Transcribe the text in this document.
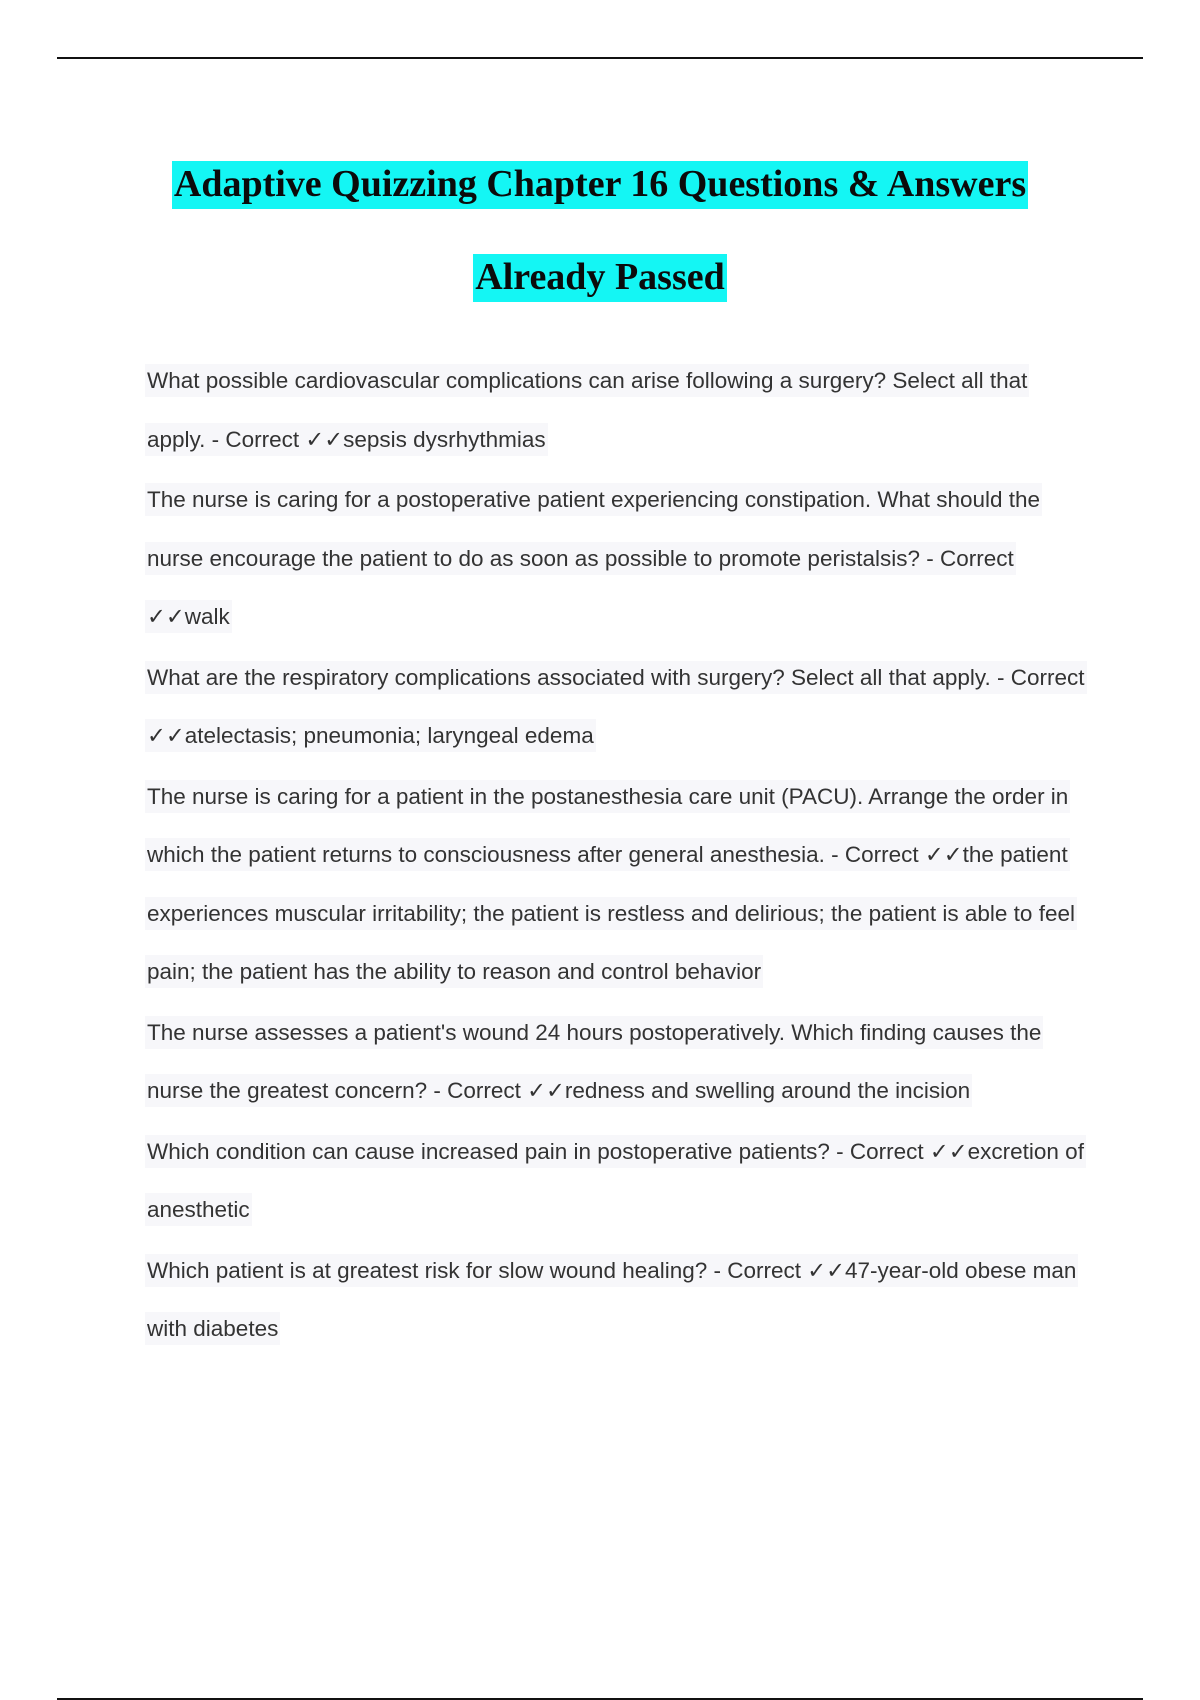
Adaptive Quizzing Chapter 16 Questions & Answers
Already Passed
What possible cardiovascular complications can arise following a surgery? Select all that apply. - Correct ✓✓sepsis dysrhythmias
The nurse is caring for a postoperative patient experiencing constipation. What should the nurse encourage the patient to do as soon as possible to promote peristalsis? - Correct ✓✓walk
What are the respiratory complications associated with surgery? Select all that apply. - Correct ✓✓atelectasis; pneumonia; laryngeal edema
The nurse is caring for a patient in the postanesthesia care unit (PACU). Arrange the order in which the patient returns to consciousness after general anesthesia. - Correct ✓✓the patient experiences muscular irritability; the patient is restless and delirious; the patient is able to feel pain; the patient has the ability to reason and control behavior
The nurse assesses a patient's wound 24 hours postoperatively. Which finding causes the nurse the greatest concern? - Correct ✓✓redness and swelling around the incision
Which condition can cause increased pain in postoperative patients? - Correct ✓✓excretion of anesthetic
Which patient is at greatest risk for slow wound healing? - Correct ✓✓47-year-old obese man with diabetes
